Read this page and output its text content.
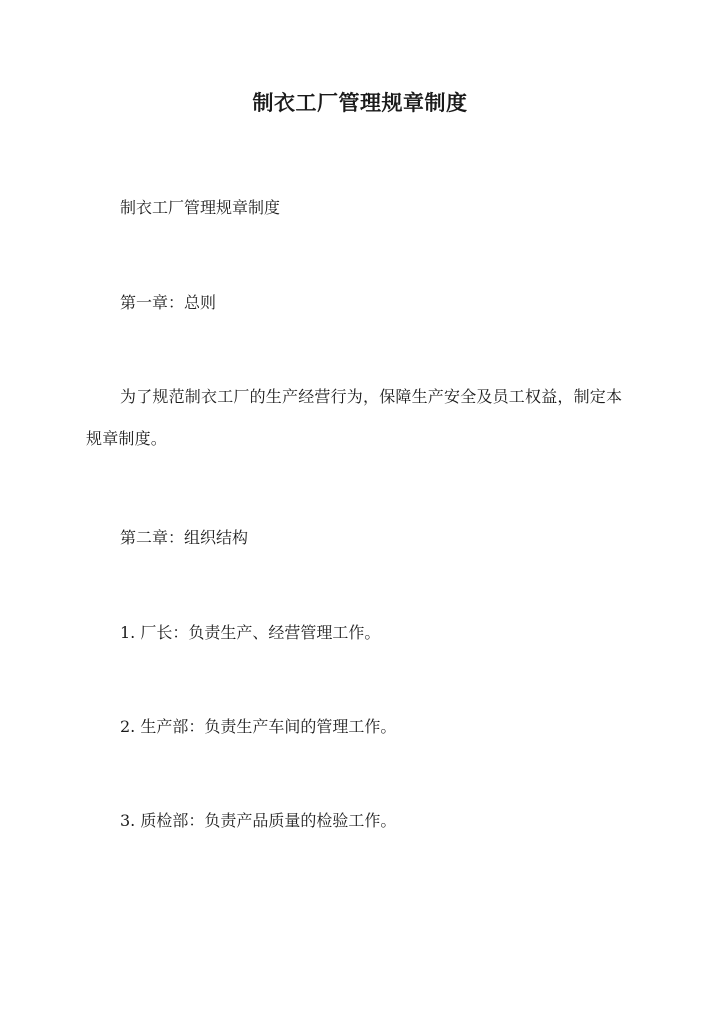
制衣工厂管理规章制度

制衣工厂管理规章制度

第一章：总则

为了规范制衣工厂的生产经营行为，保障生产安全及员工权益，制定本规章制度。

第二章：组织结构

1. 厂长：负责生产、经营管理工作。

2. 生产部：负责生产车间的管理工作。

3. 质检部：负责产品质量的检验工作。
